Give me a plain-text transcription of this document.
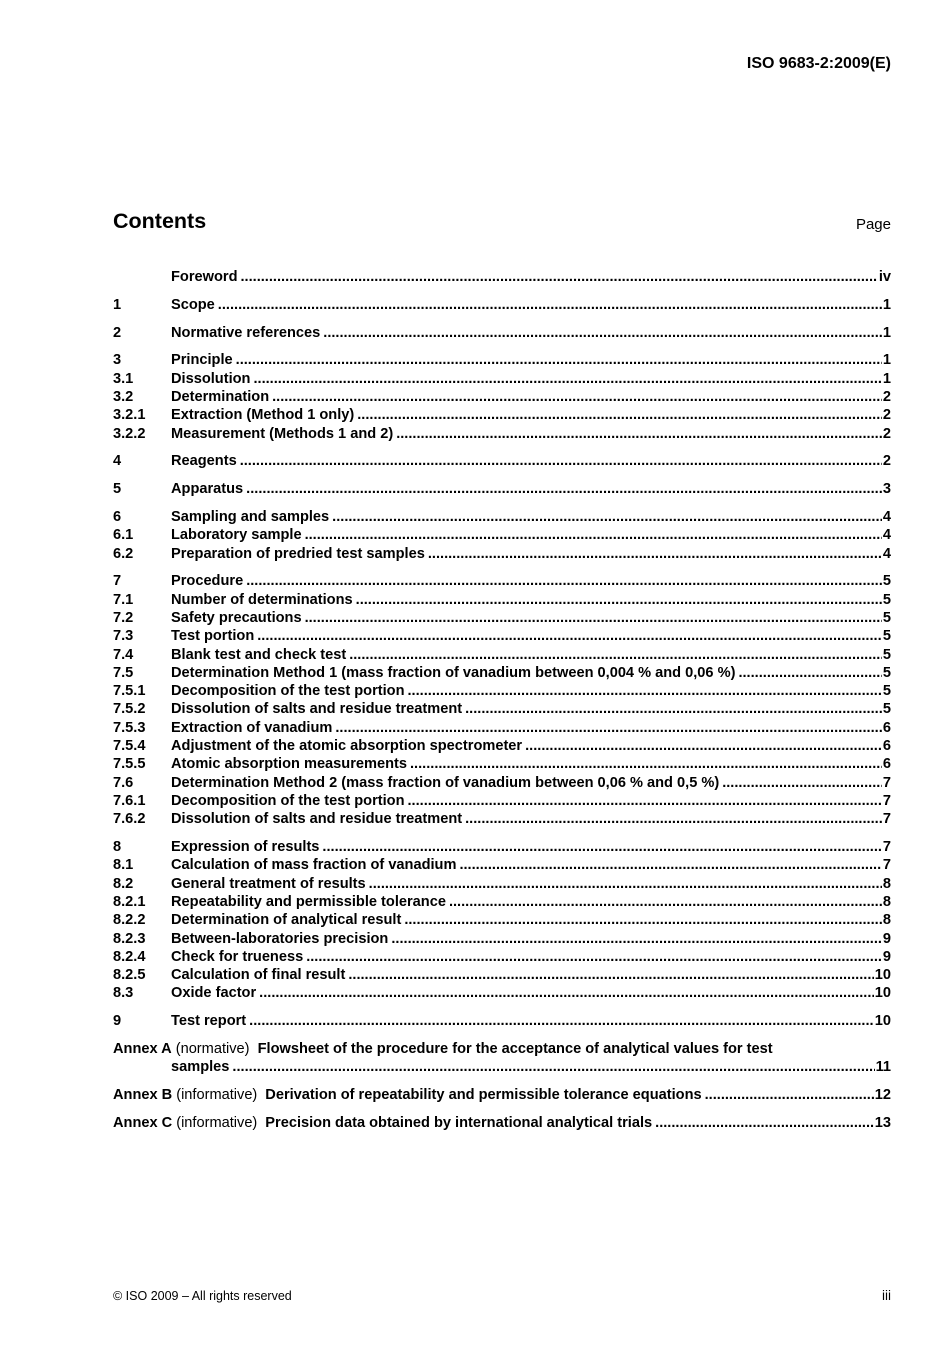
ISO 9683-2:2009(E)
Contents	Page
Foreword .....	iv
1	Scope .....	1
2	Normative references .....	1
3	Principle .....	1
3.1	Dissolution .....	1
3.2	Determination .....	2
3.2.1	Extraction (Method 1 only) .....	2
3.2.2	Measurement (Methods 1 and 2) .....	2
4	Reagents .....	2
5	Apparatus .....	3
6	Sampling and samples .....	4
6.1	Laboratory sample .....	4
6.2	Preparation of predried test samples .....	4
7	Procedure .....	5
7.1	Number of determinations .....	5
7.2	Safety precautions .....	5
7.3	Test portion .....	5
7.4	Blank test and check test .....	5
7.5	Determination Method 1 (mass fraction of vanadium between 0,004 % and 0,06 %) .....	5
7.5.1	Decomposition of the test portion .....	5
7.5.2	Dissolution of salts and residue treatment .....	5
7.5.3	Extraction of vanadium .....	6
7.5.4	Adjustment of the atomic absorption spectrometer .....	6
7.5.5	Atomic absorption measurements .....	6
7.6	Determination Method 2 (mass fraction of vanadium between 0,06 % and 0,5 %) .....	7
7.6.1	Decomposition of the test portion .....	7
7.6.2	Dissolution of salts and residue treatment .....	7
8	Expression of results .....	7
8.1	Calculation of mass fraction of vanadium .....	7
8.2	General treatment of results .....	8
8.2.1	Repeatability and permissible tolerance .....	8
8.2.2	Determination of analytical result .....	8
8.2.3	Between-laboratories precision .....	9
8.2.4	Check for trueness .....	9
8.2.5	Calculation of final result .....	10
8.3	Oxide factor .....	10
9	Test report .....	10
Annex A (normative) Flowsheet of the procedure for the acceptance of analytical values for test
samples .....	11
Annex B (informative) Derivation of repeatability and permissible tolerance equations .....	12
Annex C (informative) Precision data obtained by international analytical trials .....	13
© ISO 2009 – All rights reserved	iii
